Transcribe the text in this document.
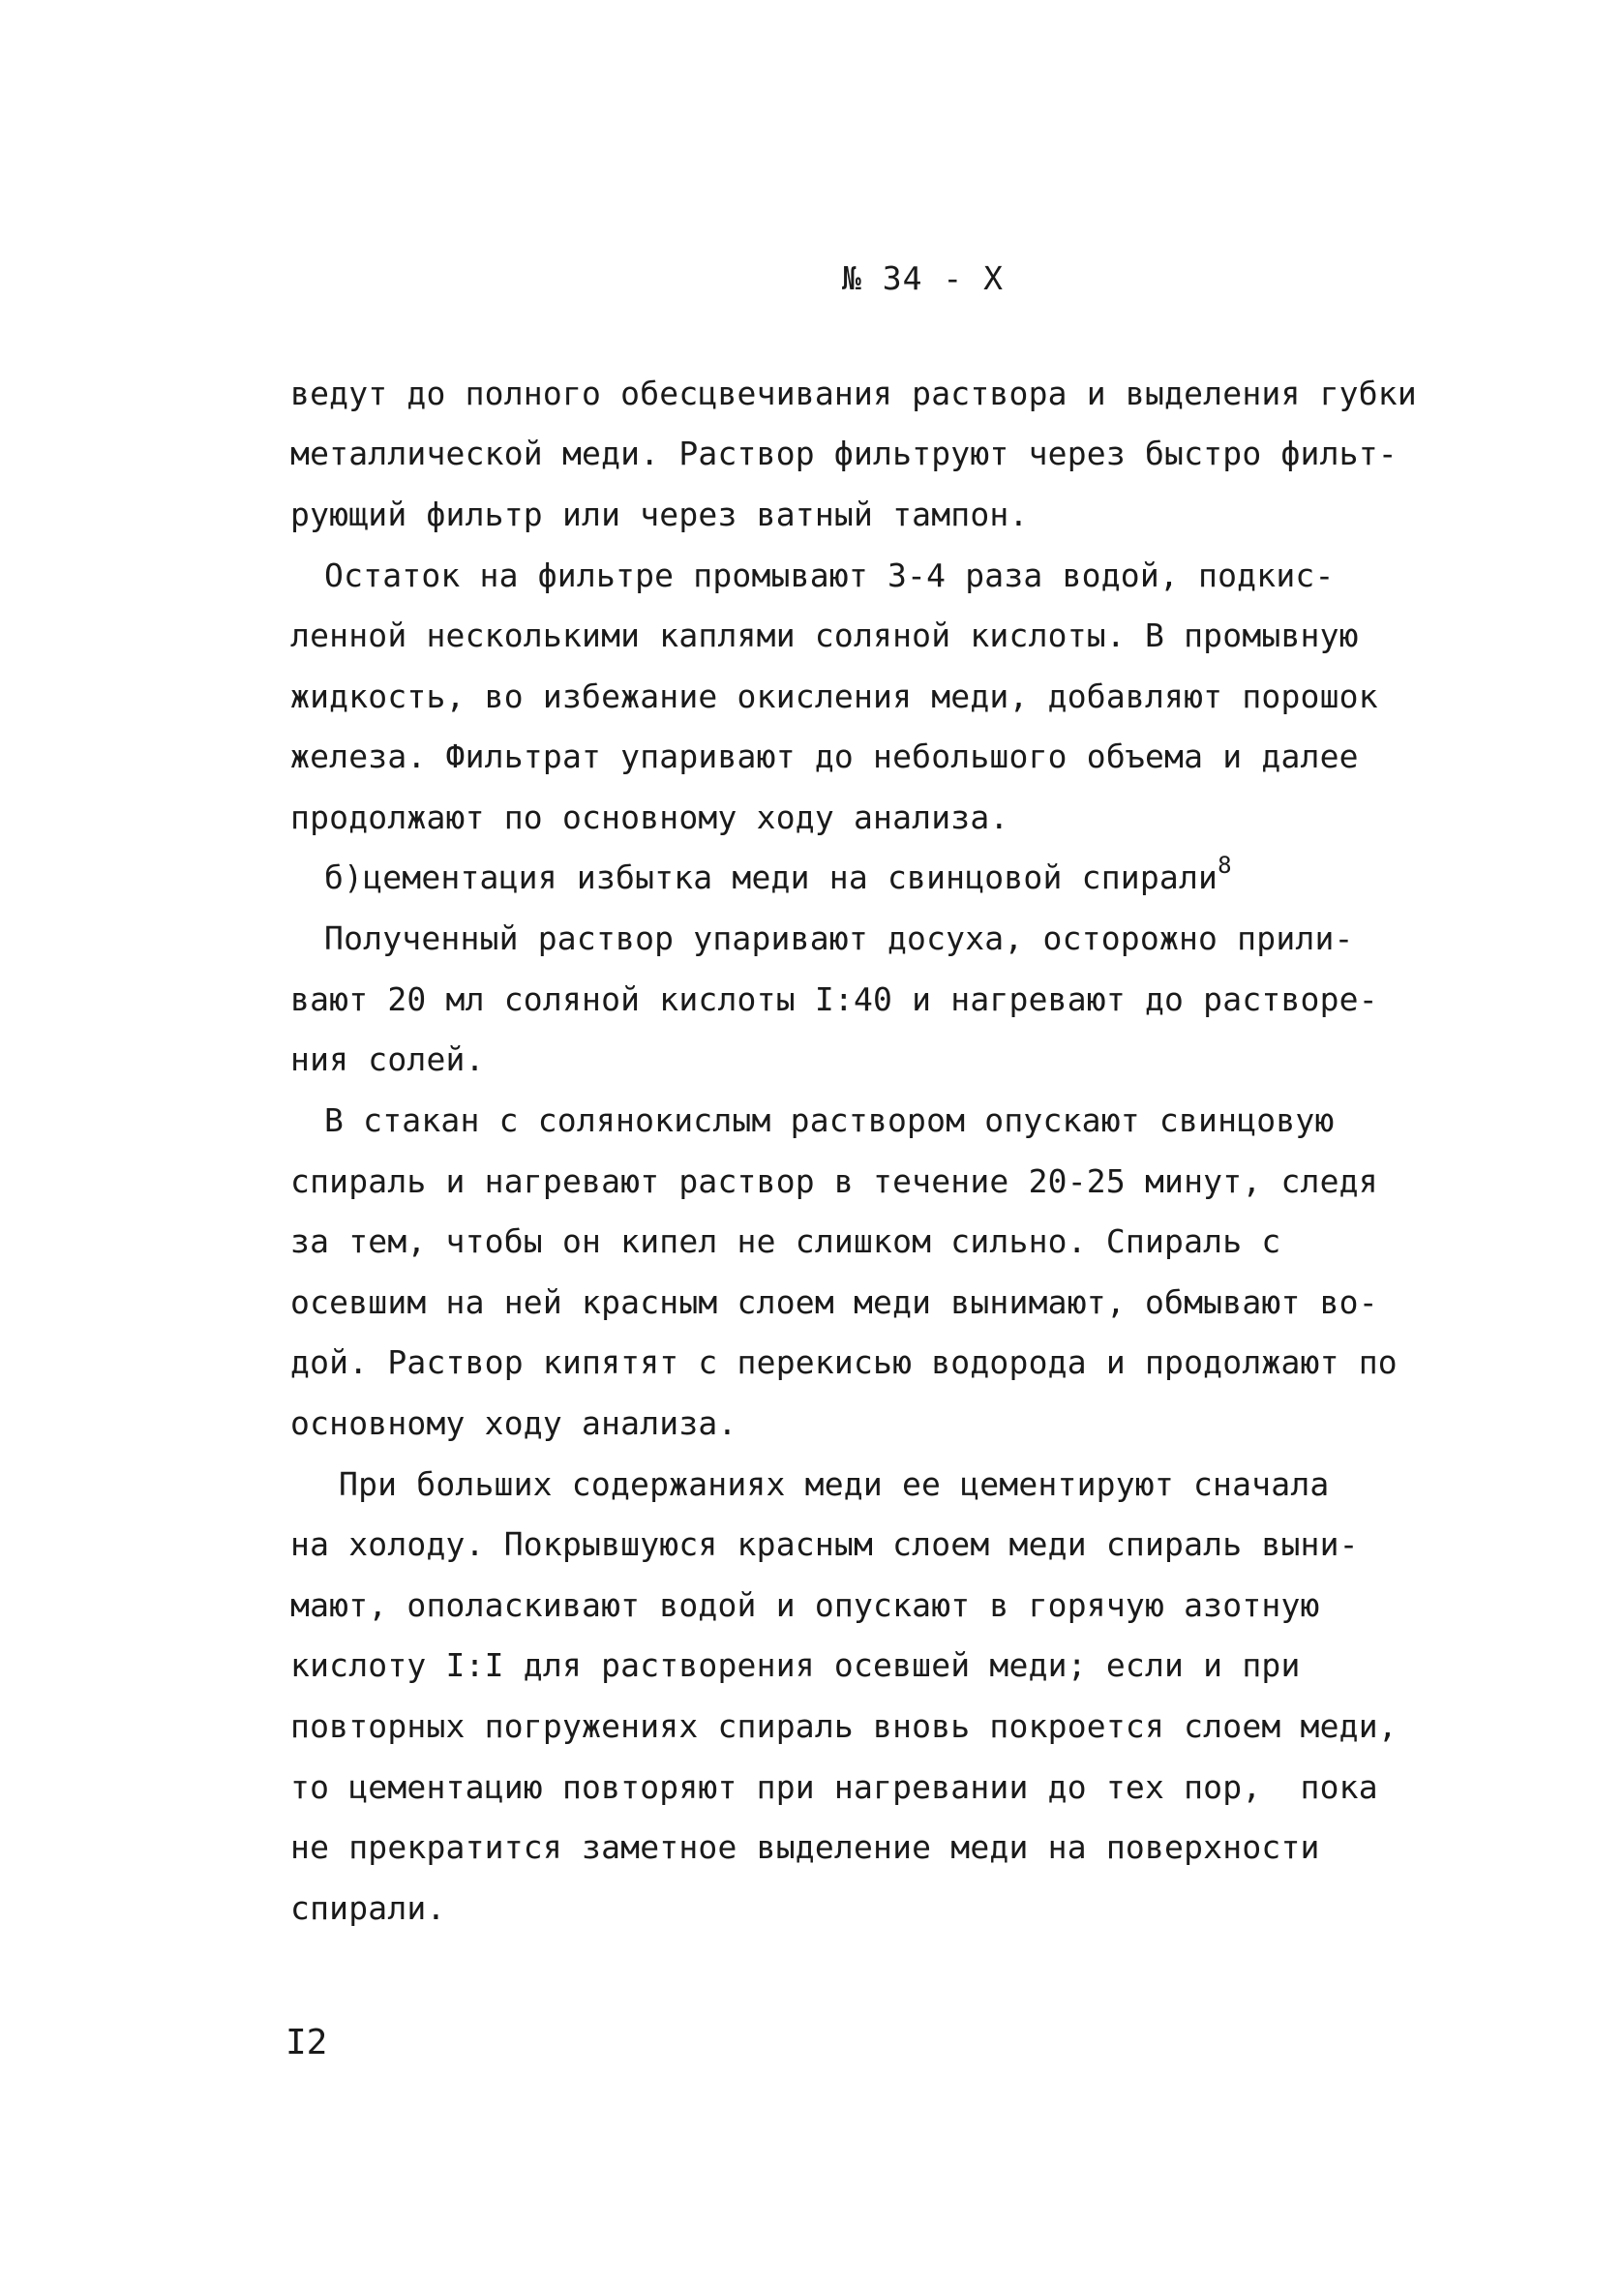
№ 34 - Х
ведут до полного обесцвечивания раствора и выделения губки
металлической меди. Раствор фильтруют через быстро фильт-
рующий фильтр или через ватный тампон.
Остаток на фильтре промывают 3-4 раза водой, подкис-
ленной несколькими каплями соляной кислоты. В промывную
жидкость, во избежание окисления меди, добавляют порошок
железа. Фильтрат упаривают до небольшого объема и далее
продолжают по основному ходу анализа.
б)цементация избытка меди на свинцовой спирали$^8$
Полученный раствор упаривают досуха, осторожно прили-
вают 20 мл соляной кислоты I:40 и нагревают до растворе-
ния солей.
В стакан с солянокислым раствором опускают свинцовую
спираль и нагревают раствор в течение 20-25 минут, следя
за тем, чтобы он кипел не слишком сильно. Спираль с
осевшим на ней красным слоем меди вынимают, обмывают во-
дой. Раствор кипятят с перекисью водорода и продолжают по
основному ходу анализа.
При больших содержаниях меди ее цементируют сначала
на холоду. Покрывшуюся красным слоем меди спираль выни-
мают, ополаскивают водой и опускают в горячую азотную
кислоту I:I для растворения осевшей меди; если и при
повторных погружениях спираль вновь покроется слоем меди,
то цементацию повторяют при нагревании до тех пор,  пока
не прекратится заметное выделение меди на поверхности
спирали.
I2
